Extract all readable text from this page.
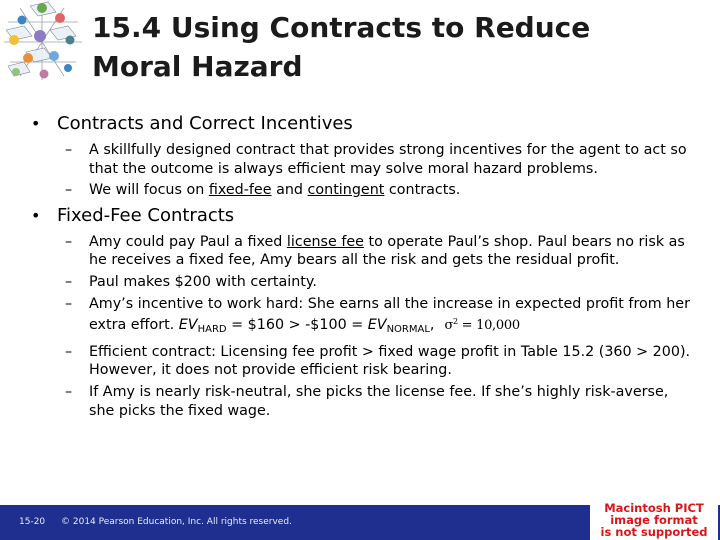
15.4 Using Contracts to Reduce
Moral Hazard
• Contracts and Correct Incentives
– A skillfully designed contract that provides strong incentives for the agent to act so that the outcome is always efficient may solve moral hazard problems.
– We will focus on fixed-fee and contingent contracts.
• Fixed-Fee Contracts
– Amy could pay Paul a fixed license fee to operate Paul’s shop. Paul bears no risk as he receives a fixed fee, Amy bears all the risk and gets the residual profit.
– Paul makes $200 with certainty.
– Amy’s incentive to work hard: She earns all the increase in expected profit from her extra effort. $EV_{HARD}$ = $160 > -$100 = $EV_{NORMAL}$, $\sigma^2 = 10,000$
– Efficient contract: Licensing fee profit > fixed wage profit in Table 15.2 (360 > 200). However, it does not provide efficient risk bearing.
– If Amy is nearly risk-neutral, she picks the license fee. If she’s highly risk-averse, she picks the fixed wage.
15-20 © 2014 Pearson Education, Inc. All rights reserved.
Macintosh PICT
image format
is not supported
